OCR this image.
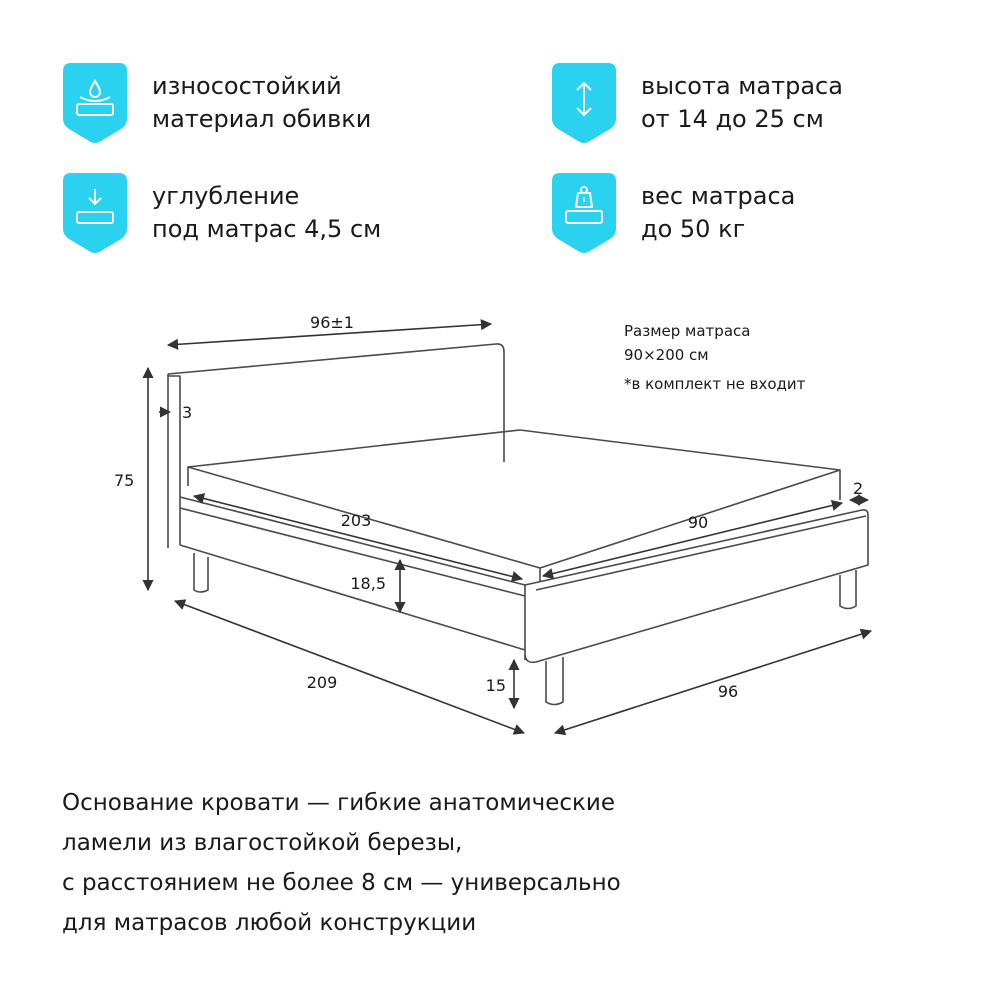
износостойкий
материал обивки
высота матраса
от 14 до 25 см
углубление
под матрас 4,5 см
вес матраса
до 50 кг
96±1
3
75
203	90
2
18,5
209	15	96
Размер матраса
90×200 см
*в комплект не входит
Основание кровати — гибкие анатомические
ламели из влагостойкой березы,
с расстоянием не более 8 см — универсально
для матрасов любой конструкции
